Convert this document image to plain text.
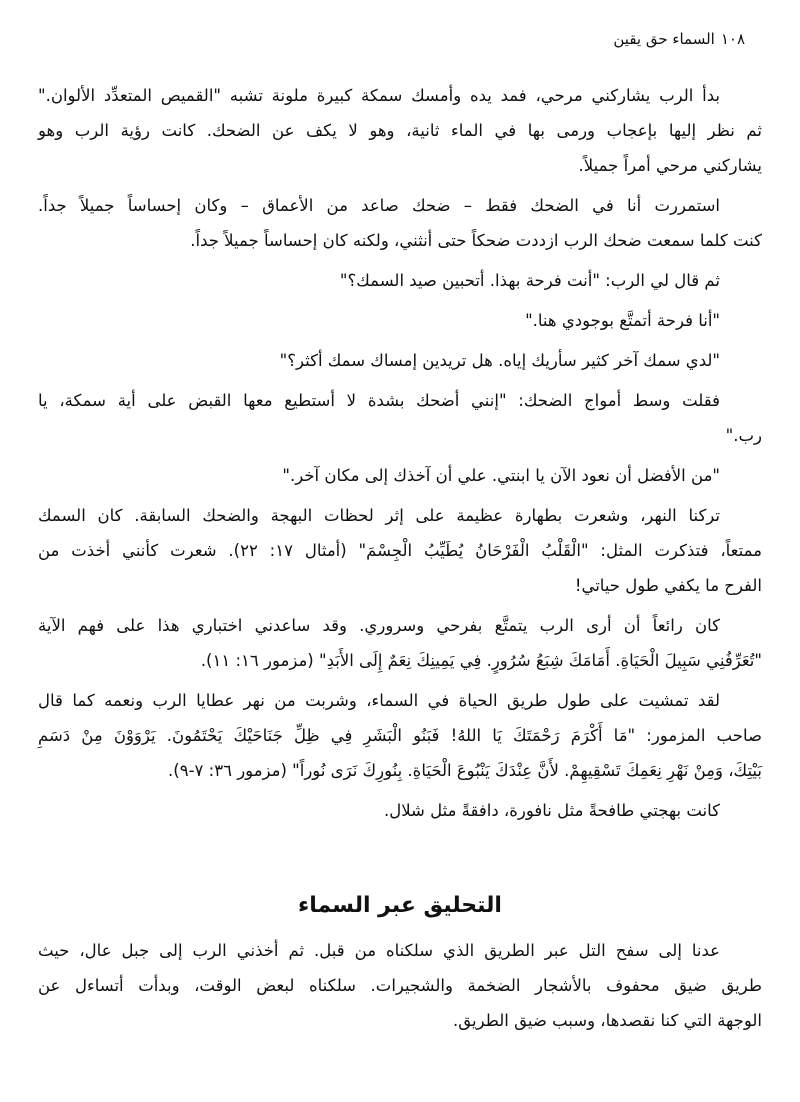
١٠٨السماء حق يقين
بدأ الرب يشاركني مرحي، فمد يده وأمسك سمكة كبيرة ملونة تشبه "القميص المتعدِّد الألوان."
ثم نظر إليها بإعجاب ورمى بها في الماء ثانية، وهو لا يكف عن الضحك. كانت رؤية الرب وهو
يشاركني مرحي أمراً جميلاً.
استمررت أنا في الضحك فقط – ضحك صاعد من الأعماق – وكان إحساساً جميلاً جداً.
كنت كلما سمعت ضحك الرب ازددت ضحكاً حتى أنثني، ولكنه كان إحساساً جميلاً جداً.
ثم قال لي الرب: "أنت فرحة بهذا. أتحبين صيد السمك؟"
"أنا فرحة أتمتَّع بوجودي هنا."
"لدي سمك آخر كثير سأريك إياه. هل تريدين إمساك سمك أكثر؟"
فقلت وسط أمواج الضحك: "إنني أضحك بشدة لا أستطيع معها القبض على أية سمكة، يا
رب."
"من الأفضل أن نعود الآن يا ابنتي. علي أن آخذك إلى مكان آخر."
تركنا النهر، وشعرت بطهارة عظيمة على إثر لحظات البهجة والضحك السابقة. كان السمك
ممتعاً، فتذكرت المثل: "الْقَلْبُ الْفَرْحَانُ يُطَيِّبُ الْجِسْمَ" (أمثال ١٧: ٢٢). شعرت كأنني أخذت من
الفرح ما يكفي طول حياتي!
كان رائعاً أن أرى الرب يتمتَّع بفرحي وسروري. وقد ساعدني اختباري هذا على فهم الآية
"تُعَرِّفُنِي سَبِيلَ الْحَيَاةِ. أَمَامَكَ شِبَعُ سُرُورٍ. فِي يَمِينِكَ نِعَمٌ إِلَى الأَبَدِ" (مزمور ١٦: ١١).
لقد تمشيت على طول طريق الحياة في السماء، وشربت من نهر عطايا الرب ونعمه كما قال
صاحب المزمور: "مَا أَكْرَمَ رَحْمَتَكَ يَا اللهُ! فَبَنُو الْبَشَرِ فِي ظِلِّ جَنَاحَيْكَ يَحْتَمُونَ. يَرْوَوْنَ مِنْ دَسَمِ
بَيْتِكَ، وَمِنْ نَهْرِ نِعَمِكَ تَسْقِيهِمْ. لأَنَّ عِنْدَكَ يَنْبُوعَ الْحَيَاةِ. بِنُورِكَ نَرَى نُوراً" (مزمور ٣٦: ٧-٩).
كانت بهجتي طافحةً مثل نافورة، دافقةً مثل شلال.
التحليق عبر السماء
عدنا إلى سفح التل عبر الطريق الذي سلكناه من قبل. ثم أخذني الرب إلى جبل عال، حيث
طريق ضيق محفوف بالأشجار الضخمة والشجيرات. سلكناه لبعض الوقت، وبدأت أتساءل عن
الوجهة التي كنا نقصدها، وسبب ضيق الطريق.
